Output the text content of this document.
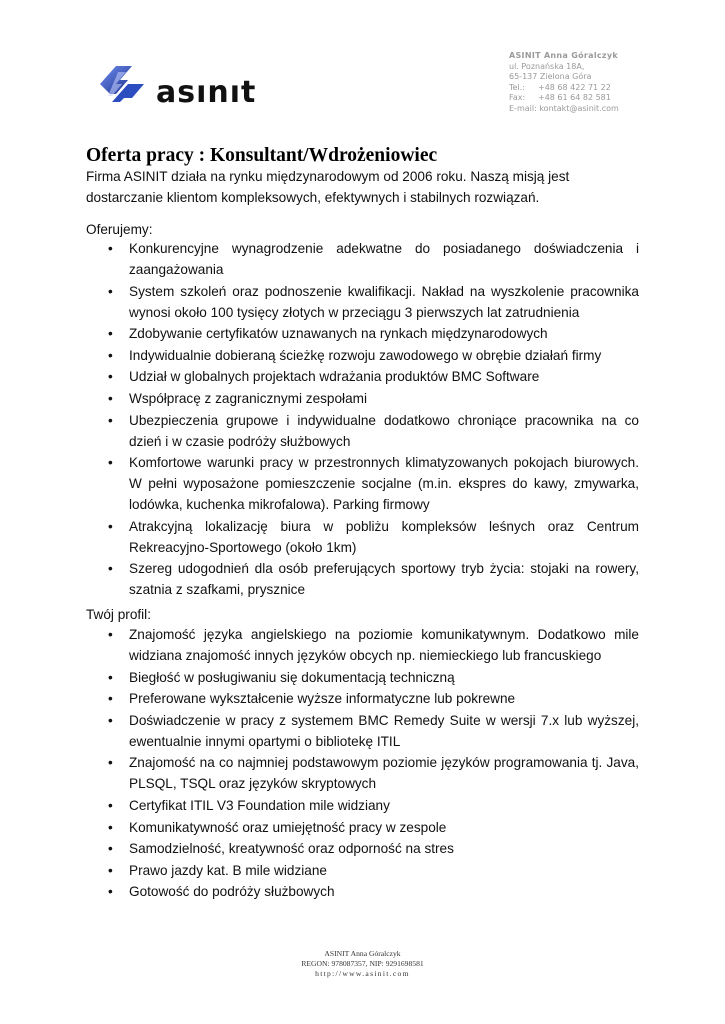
asınıt
ASINIT Anna Góralczyk
ul. Poznańska 18A,
65-137 Zielona Góra
Tel.:	+48 68 422 71 22
Fax:	+48 61 64 82 581
E-mail: kontakt@asinit.com
Oferta pracy : Konsultant/Wdrożeniowiec
Firma ASINIT działa na rynku międzynarodowym od 2006 roku. Naszą misją jest dostarczanie klientom kompleksowych, efektywnych i stabilnych rozwiązań.
Oferujemy:
• Konkurencyjne wynagrodzenie adekwatne do posiadanego doświadczenia i zaangażowania
• System szkoleń oraz podnoszenie kwalifikacji. Nakład na wyszkolenie pracownika wynosi około 100 tysięcy złotych w przeciągu 3 pierwszych lat zatrudnienia
• Zdobywanie certyfikatów uznawanych na rynkach międzynarodowych
• Indywidualnie dobieraną ścieżkę rozwoju zawodowego w obrębie działań firmy
• Udział w globalnych projektach wdrażania produktów BMC Software
• Współpracę z zagranicznymi zespołami
• Ubezpieczenia grupowe i indywidualne dodatkowo chroniące pracownika na co dzień i w czasie podróży służbowych
• Komfortowe warunki pracy w przestronnych klimatyzowanych pokojach biurowych. W pełni wyposażone pomieszczenie socjalne (m.in. ekspres do kawy, zmywarka, lodówka, kuchenka mikrofalowa). Parking firmowy
• Atrakcyjną lokalizację biura w pobliżu kompleksów leśnych oraz Centrum Rekreacyjno-Sportowego (około 1km)
• Szereg udogodnień dla osób preferujących sportowy tryb życia: stojaki na rowery, szatnia z szafkami, prysznice
Twój profil:
• Znajomość języka angielskiego na poziomie komunikatywnym. Dodatkowo mile widziana znajomość innych języków obcych np. niemieckiego lub francuskiego
• Biegłość w posługiwaniu się dokumentacją techniczną
• Preferowane wykształcenie wyższe informatyczne lub pokrewne
• Doświadczenie w pracy z systemem BMC Remedy Suite w wersji 7.x lub wyższej, ewentualnie innymi opartymi o bibliotekę ITIL
• Znajomość na co najmniej podstawowym poziomie języków programowania tj. Java, PLSQL, TSQL oraz języków skryptowych
• Certyfikat ITIL V3 Foundation mile widziany
• Komunikatywność oraz umiejętność pracy w zespole
• Samodzielność, kreatywność oraz odporność na stres
• Prawo jazdy kat. B mile widziane
• Gotowość do podróży służbowych
ASINIT Anna Góralczyk
REGON: 978087357, NIP: 9291698581
http://www.asinit.com
